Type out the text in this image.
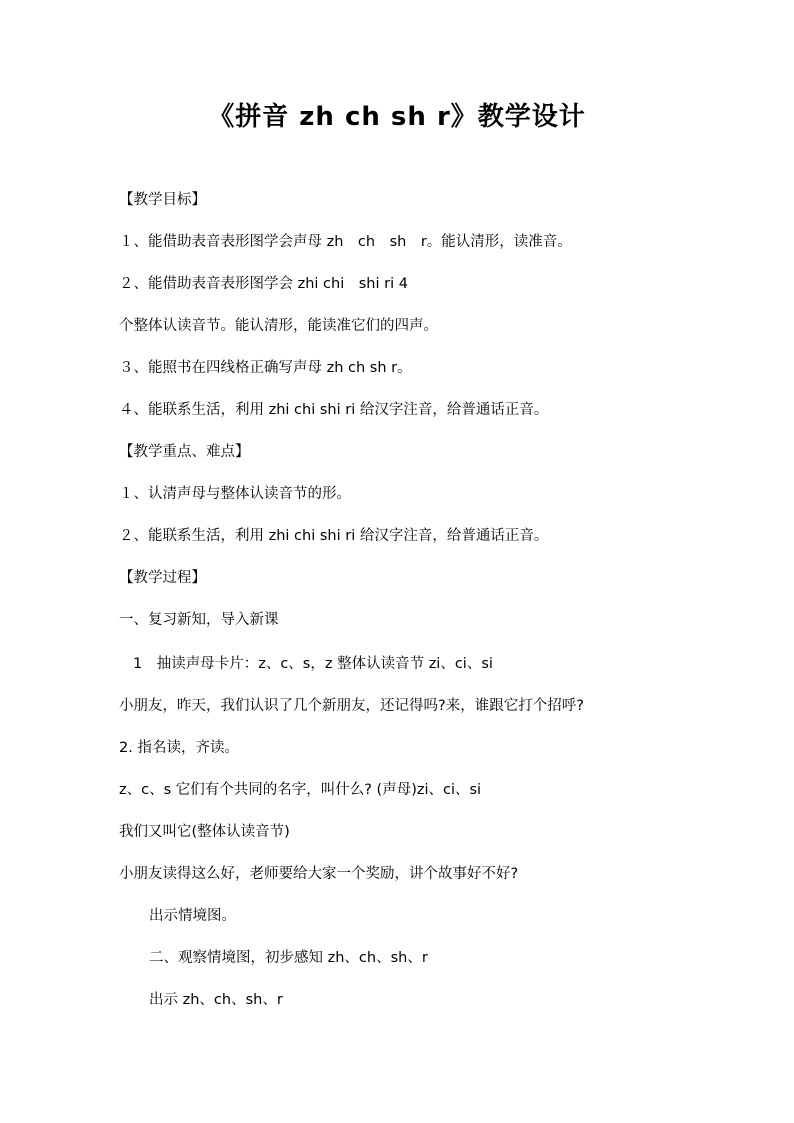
《拼音 zh ch sh r》教学设计
【教学目标】
１、能借助表音表形图学会声母 zh　ch　sh　r。能认清形，读准音。
２、能借助表音表形图学会 zhi chi　shi ri 4
个整体认读音节。能认清形，能读准它们的四声。
３、能照书在四线格正确写声母 zh ch sh r。
４、能联系生活，利用 zhi chi shi ri 给汉字注音，给普通话正音。
【教学重点、难点】
１、认清声母与整体认读音节的形。
２、能联系生活，利用 zhi chi shi ri 给汉字注音，给普通话正音。
【教学过程】
一、复习新知，导入新课
1　抽读声母卡片：z、c、s，z 整体认读音节 zi、ci、si
小朋友，昨天，我们认识了几个新朋友，还记得吗?来，谁跟它打个招呼?
2. 指名读，齐读。
z、c、s 它们有个共同的名字，叫什么? (声母)zi、ci、si
我们又叫它(整体认读音节)
小朋友读得这么好，老师要给大家一个奖励，讲个故事好不好?
出示情境图。
二、观察情境图，初步感知 zh、ch、sh、r
出示 zh、ch、sh、r
